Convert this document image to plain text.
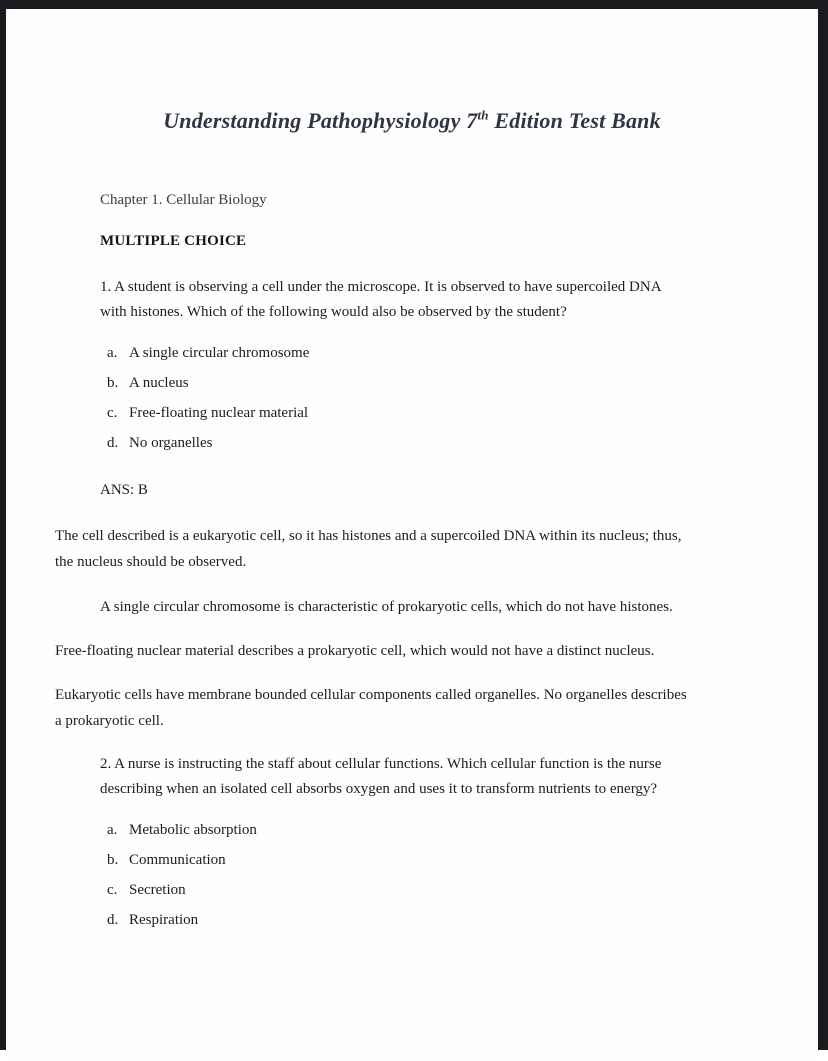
Understanding Pathophysiology 7th Edition Test Bank
Chapter 1. Cellular Biology
MULTIPLE CHOICE
1. A student is observing a cell under the microscope. It is observed to have supercoiled DNA with histones. Which of the following would also be observed by the student?
a. A single circular chromosome
b. A nucleus
c. Free-floating nuclear material
d. No organelles
ANS: B
The cell described is a eukaryotic cell, so it has histones and a supercoiled DNA within its nucleus; thus, the nucleus should be observed.
A single circular chromosome is characteristic of prokaryotic cells, which do not have histones.
Free-floating nuclear material describes a prokaryotic cell, which would not have a distinct nucleus.
Eukaryotic cells have membrane bounded cellular components called organelles. No organelles describes a prokaryotic cell.
2. A nurse is instructing the staff about cellular functions. Which cellular function is the nurse describing when an isolated cell absorbs oxygen and uses it to transform nutrients to energy?
a. Metabolic absorption
b. Communication
c. Secretion
d. Respiration
